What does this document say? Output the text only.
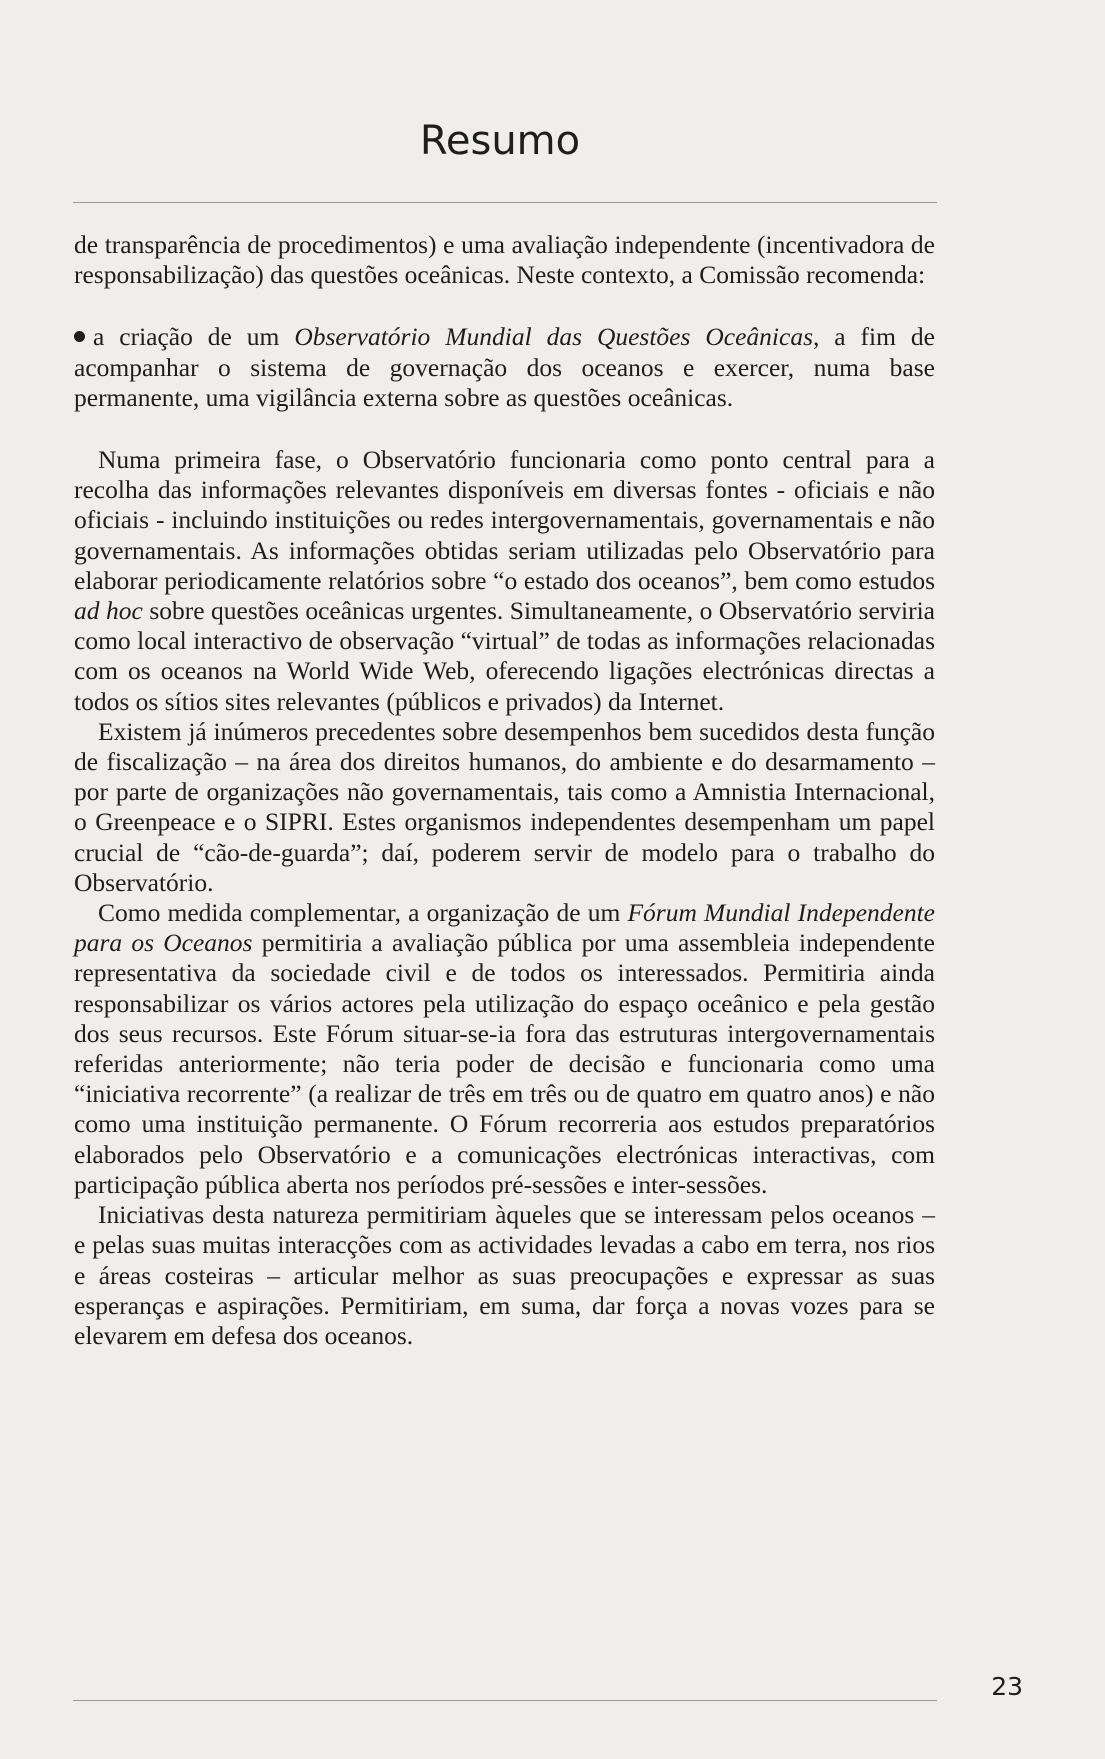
Resumo

de transparência de procedimentos) e uma avaliação independente (incentivadora de responsabilização) das questões oceânicas. Neste contexto, a Comissão recomenda:

a criação de um Observatório Mundial das Questões Oceânicas, a fim de acompanhar o sistema de governação dos oceanos e exercer, numa base permanente, uma vigilância externa sobre as questões oceânicas.

Numa primeira fase, o Observatório funcionaria como ponto central para a recolha das informações relevantes disponíveis em diversas fontes - oficiais e não oficiais - incluindo instituições ou redes intergovernamentais, governamentais e não governamentais. As informações obtidas seriam utilizadas pelo Observatório para elaborar periodicamente relatórios sobre “o estado dos oceanos”, bem como estudos ad hoc sobre questões oceânicas urgentes. Simultaneamente, o Observatório serviria como local interactivo de observação “virtual” de todas as informações relacionadas com os oceanos na World Wide Web, oferecendo ligações electrónicas directas a todos os sítios sites relevantes (públicos e privados) da Internet.

Existem já inúmeros precedentes sobre desempenhos bem sucedidos desta função de fiscalização – na área dos direitos humanos, do ambiente e do desarmamento – por parte de organizações não governamentais, tais como a Amnistia Internacional, o Greenpeace e o SIPRI. Estes organismos independentes desempenham um papel crucial de “cão-de-guarda”; daí, poderem servir de modelo para o trabalho do Observatório.

Como medida complementar, a organização de um Fórum Mundial Independente para os Oceanos permitiria a avaliação pública por uma assembleia independente representativa da sociedade civil e de todos os interessados. Permitiria ainda responsabilizar os vários actores pela utilização do espaço oceânico e pela gestão dos seus recursos. Este Fórum situar-se-ia fora das estruturas intergovernamentais referidas anteriormente; não teria poder de decisão e funcionaria como uma “iniciativa recorrente” (a realizar de três em três ou de quatro em quatro anos) e não como uma instituição permanente. O Fórum recorreria aos estudos preparatórios elaborados pelo Observatório e a comunicações electrónicas interactivas, com participação pública aberta nos períodos pré-sessões e inter-sessões.

Iniciativas desta natureza permitiriam àqueles que se interessam pelos oceanos – e pelas suas muitas interacções com as actividades levadas a cabo em terra, nos rios e áreas costeiras – articular melhor as suas preocupações e expressar as suas esperanças e aspirações. Permitiriam, em suma, dar força a novas vozes para se elevarem em defesa dos oceanos.

23
